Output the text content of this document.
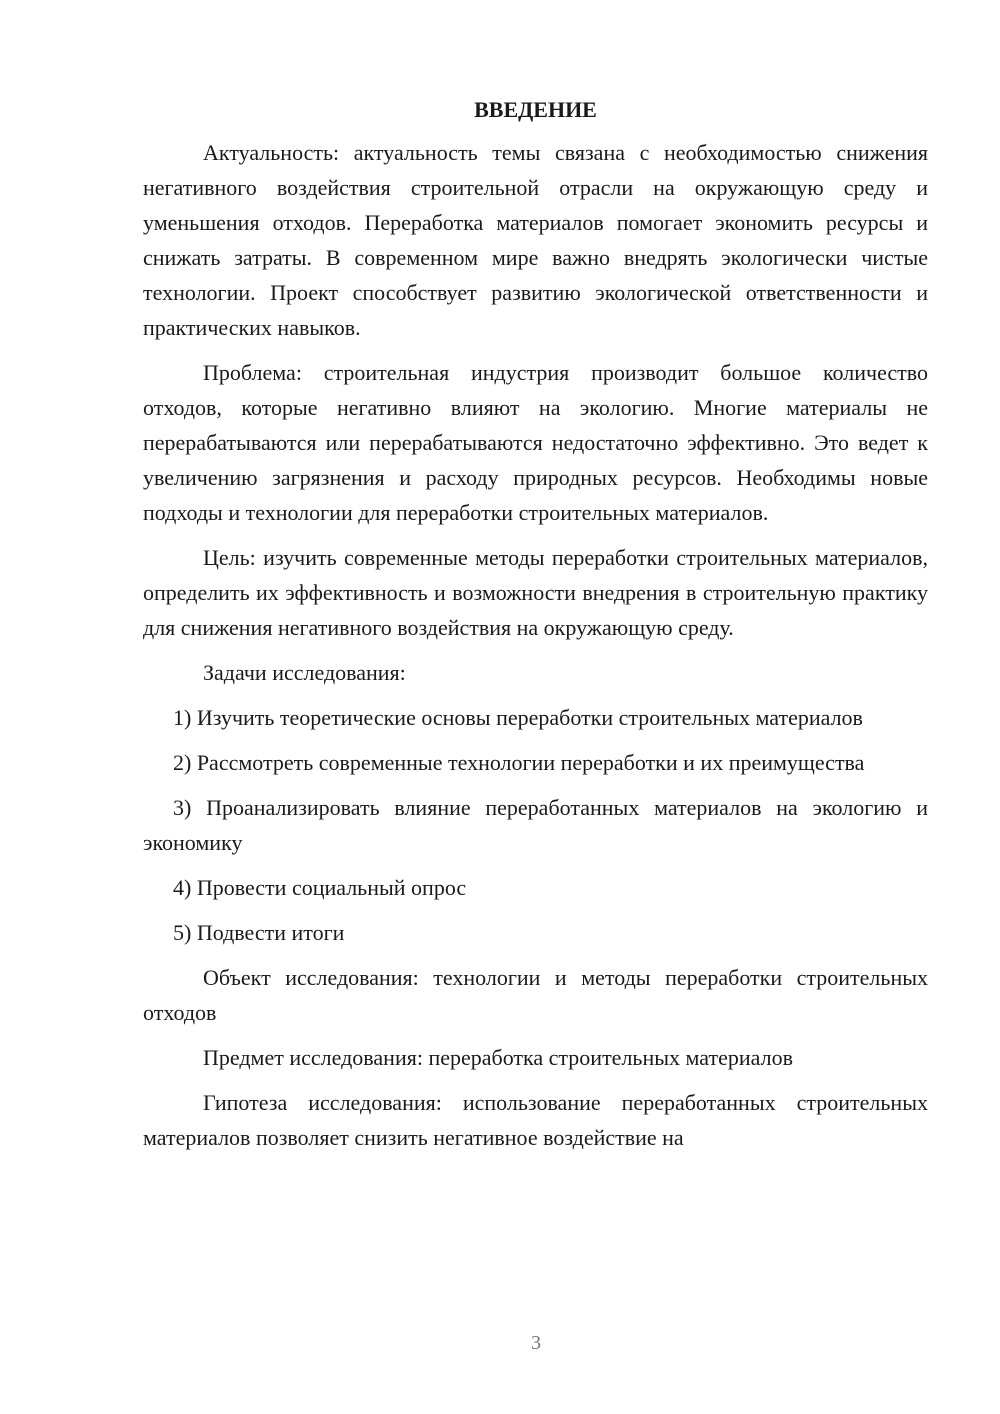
ВВЕДЕНИЕ

Актуальность: актуальность темы связана с необходимостью снижения негативного воздействия строительной отрасли на окружающую среду и уменьшения отходов. Переработка материалов помогает экономить ресурсы и снижать затраты. В современном мире важно внедрять экологически чистые технологии. Проект способствует развитию экологической ответственности и практических навыков.

Проблема: строительная индустрия производит большое количество отходов, которые негативно влияют на экологию. Многие материалы не перерабатываются или перерабатываются недостаточно эффективно. Это ведет к увеличению загрязнения и расходу природных ресурсов. Необходимы новые подходы и технологии для переработки строительных материалов.

Цель: изучить современные методы переработки строительных материалов, определить их эффективность и возможности внедрения в строительную практику для снижения негативного воздействия на окружающую среду.

Задачи исследования:

1) Изучить теоретические основы переработки строительных материалов

2) Рассмотреть современные технологии переработки и их преимущества

3) Проанализировать влияние переработанных материалов на экологию и экономику

4) Провести социальный опрос

5) Подвести итоги

Объект исследования: технологии и методы переработки строительных отходов

Предмет исследования: переработка строительных материалов

Гипотеза исследования: использование переработанных строительных материалов позволяет снизить негативное воздействие на

3
